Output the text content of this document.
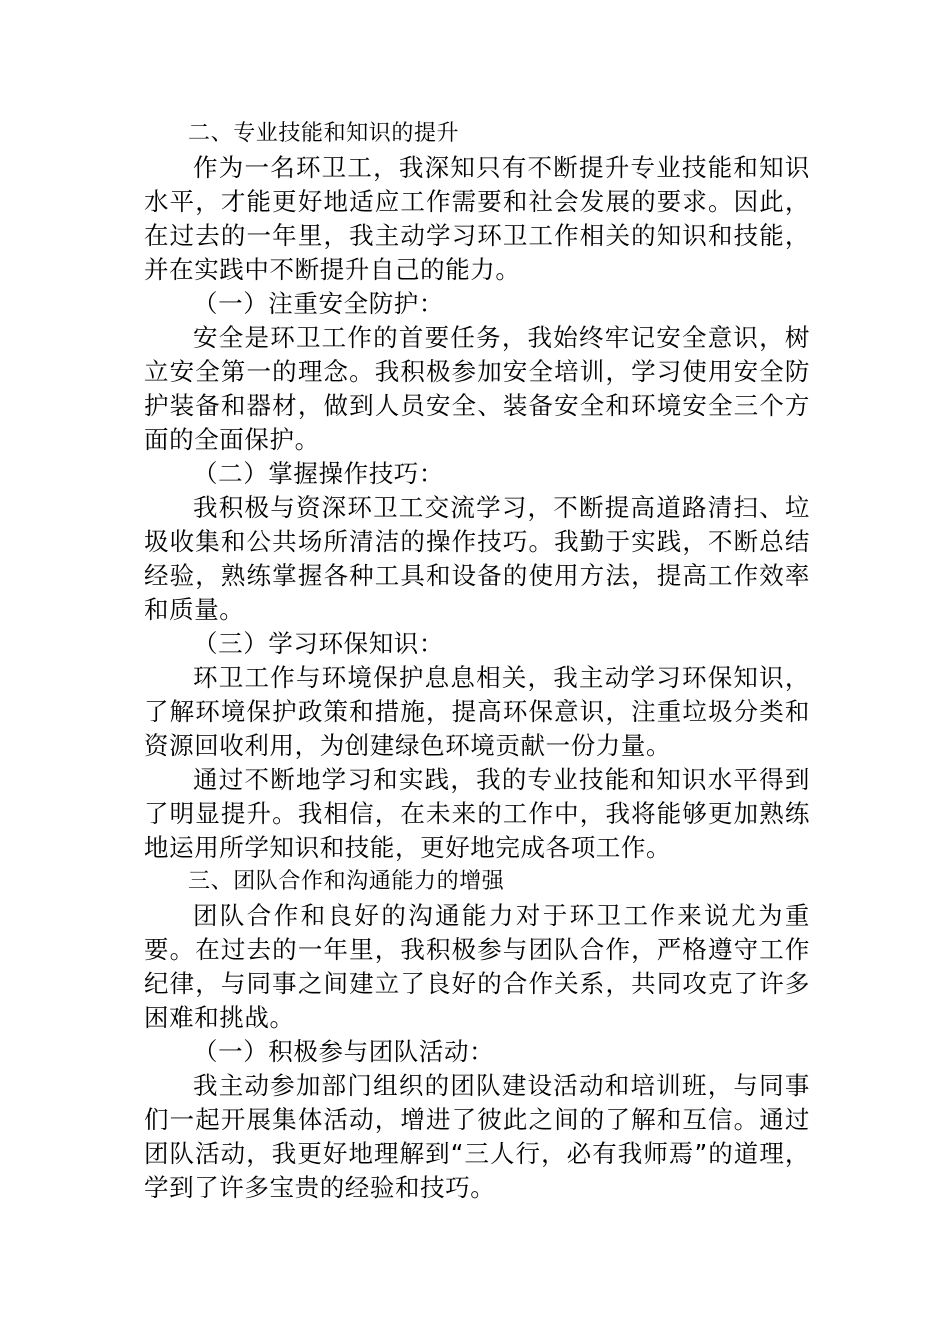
二、专业技能和知识的提升

作为一名环卫工，我深知只有不断提升专业技能和知识水平，才能更好地适应工作需要和社会发展的要求。因此，在过去的一年里，我主动学习环卫工作相关的知识和技能，并在实践中不断提升自己的能力。

（一）注重安全防护：

安全是环卫工作的首要任务，我始终牢记安全意识，树立安全第一的理念。我积极参加安全培训，学习使用安全防护装备和器材，做到人员安全、装备安全和环境安全三个方面的全面保护。

（二）掌握操作技巧：

我积极与资深环卫工交流学习，不断提高道路清扫、垃圾收集和公共场所清洁的操作技巧。我勤于实践，不断总结经验，熟练掌握各种工具和设备的使用方法，提高工作效率和质量。

（三）学习环保知识：

环卫工作与环境保护息息相关，我主动学习环保知识，了解环境保护政策和措施，提高环保意识，注重垃圾分类和资源回收利用，为创建绿色环境贡献一份力量。

通过不断地学习和实践，我的专业技能和知识水平得到了明显提升。我相信，在未来的工作中，我将能够更加熟练地运用所学知识和技能，更好地完成各项工作。

三、团队合作和沟通能力的增强

团队合作和良好的沟通能力对于环卫工作来说尤为重要。在过去的一年里，我积极参与团队合作，严格遵守工作纪律，与同事之间建立了良好的合作关系，共同攻克了许多困难和挑战。

（一）积极参与团队活动：

我主动参加部门组织的团队建设活动和培训班，与同事们一起开展集体活动，增进了彼此之间的了解和互信。通过团队活动，我更好地理解到“三人行，必有我师焉”的道理，学到了许多宝贵的经验和技巧。
